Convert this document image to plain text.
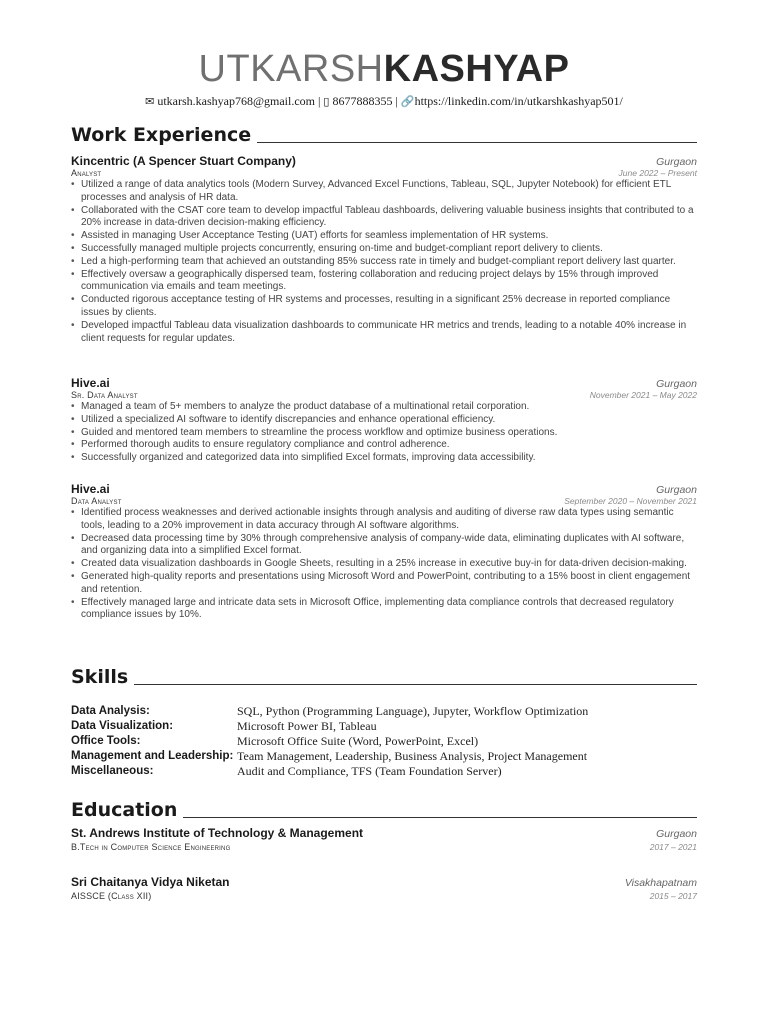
UTKARSHKASHYAP
✉ utkarsh.kashyap768@gmail.com | ▯ 8677888355 | 🔗https://linkedin.com/in/utkarshkashyap501/
Work Experience
Kincentric (A Spencer Stuart Company)	Gurgaon
Analyst	June 2022 – Present
• Utilized a range of data analytics tools (Modern Survey, Advanced Excel Functions, Tableau, SQL, Jupyter Notebook) for efficient ETL processes and analysis of HR data.
• Collaborated with the CSAT core team to develop impactful Tableau dashboards, delivering valuable business insights that contributed to a 20% increase in data-driven decision-making efficiency.
• Assisted in managing User Acceptance Testing (UAT) efforts for seamless implementation of HR systems.
• Successfully managed multiple projects concurrently, ensuring on-time and budget-compliant report delivery to clients.
• Led a high-performing team that achieved an outstanding 85% success rate in timely and budget-compliant report delivery last quarter.
• Effectively oversaw a geographically dispersed team, fostering collaboration and reducing project delays by 15% through improved communication via emails and team meetings.
• Conducted rigorous acceptance testing of HR systems and processes, resulting in a significant 25% decrease in reported compliance issues by clients.
• Developed impactful Tableau data visualization dashboards to communicate HR metrics and trends, leading to a notable 40% increase in client requests for regular updates.
Hive.ai	Gurgaon
Sr. Data Analyst	November 2021 – May 2022
• Managed a team of 5+ members to analyze the product database of a multinational retail corporation.
• Utilized a specialized AI software to identify discrepancies and enhance operational efficiency.
• Guided and mentored team members to streamline the process workflow and optimize business operations.
• Performed thorough audits to ensure regulatory compliance and control adherence.
• Successfully organized and categorized data into simplified Excel formats, improving data accessibility.
Hive.ai	Gurgaon
Data Analyst	September 2020 – November 2021
• Identified process weaknesses and derived actionable insights through analysis and auditing of diverse raw data types using semantic tools, leading to a 20% improvement in data accuracy through AI software algorithms.
• Decreased data processing time by 30% through comprehensive analysis of company-wide data, eliminating duplicates with AI software, and organizing data into a simplified Excel format.
• Created data visualization dashboards in Google Sheets, resulting in a 25% increase in executive buy-in for data-driven decision-making.
• Generated high-quality reports and presentations using Microsoft Word and PowerPoint, contributing to a 15% boost in client engagement and retention.
• Effectively managed large and intricate data sets in Microsoft Office, implementing data compliance controls that decreased regulatory compliance issues by 10%.
Skills
Data Analysis:	SQL, Python (Programming Language), Jupyter, Workflow Optimization
Data Visualization:	Microsoft Power BI, Tableau
Office Tools:	Microsoft Office Suite (Word, PowerPoint, Excel)
Management and Leadership: Team Management, Leadership, Business Analysis, Project Management
Miscellaneous:	Audit and Compliance, TFS (Team Foundation Server)
Education
St. Andrews Institute of Technology & Management	Gurgaon
B.Tech in Computer Science Engineering	2017 – 2021
Sri Chaitanya Vidya Niketan	Visakhapatnam
AISSCE (Class XII)	2015 – 2017
